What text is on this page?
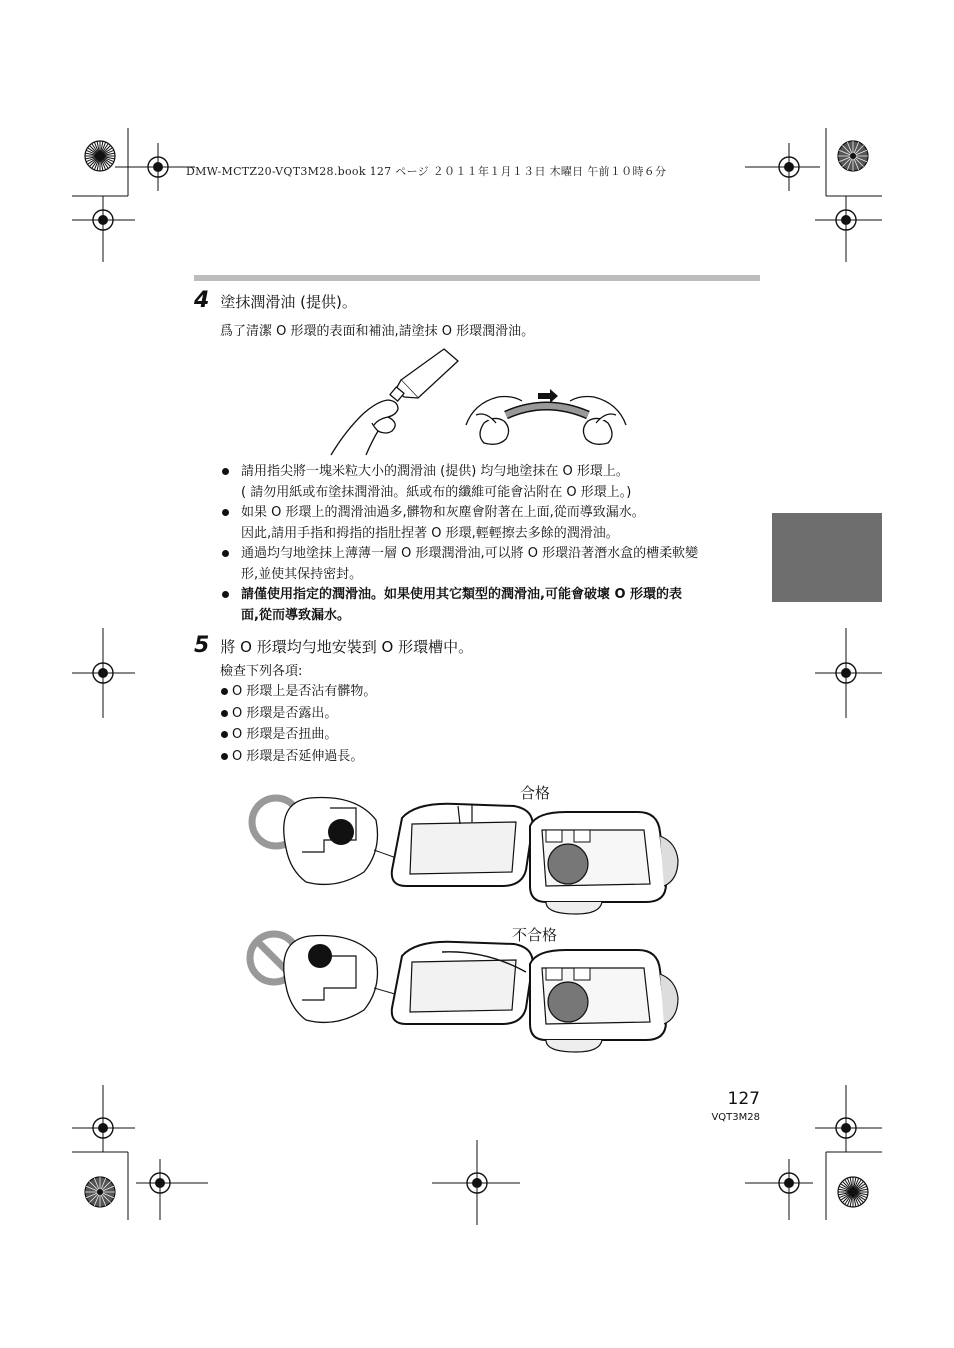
DMW-MCTZ20-VQT3M28.book 127 ページ ２０１１年１月１３日 木曜日 午前１０時６分
4 塗抹潤滑油 (提供)。
爲了清潔 O 形環的表面和補油,請塗抹 O 形環潤滑油。
請用指尖將一塊米粒大小的潤滑油 (提供) 均勻地塗抹在 O 形環上。
( 請勿用紙或布塗抹潤滑油。紙或布的纖維可能會沾附在 O 形環上。)
如果 O 形環上的潤滑油過多,髒物和灰塵會附著在上面,從而導致漏水。
因此,請用手指和拇指的指肚捏著 O 形環,輕輕擦去多餘的潤滑油。
通過均勻地塗抹上薄薄一層 O 形環潤滑油,可以將 O 形環沿著潛水盒的槽柔軟變
形,並使其保持密封。
請僅使用指定的潤滑油。如果使用其它類型的潤滑油,可能會破壞 O 形環的表
面,從而導致漏水。
5 將 O 形環均勻地安裝到 O 形環槽中。
檢查下列各項:
O 形環上是否沾有髒物。
O 形環是否露出。
O 形環是否扭曲。
O 形環是否延伸過長。
合格
不合格
127
VQT3M28
